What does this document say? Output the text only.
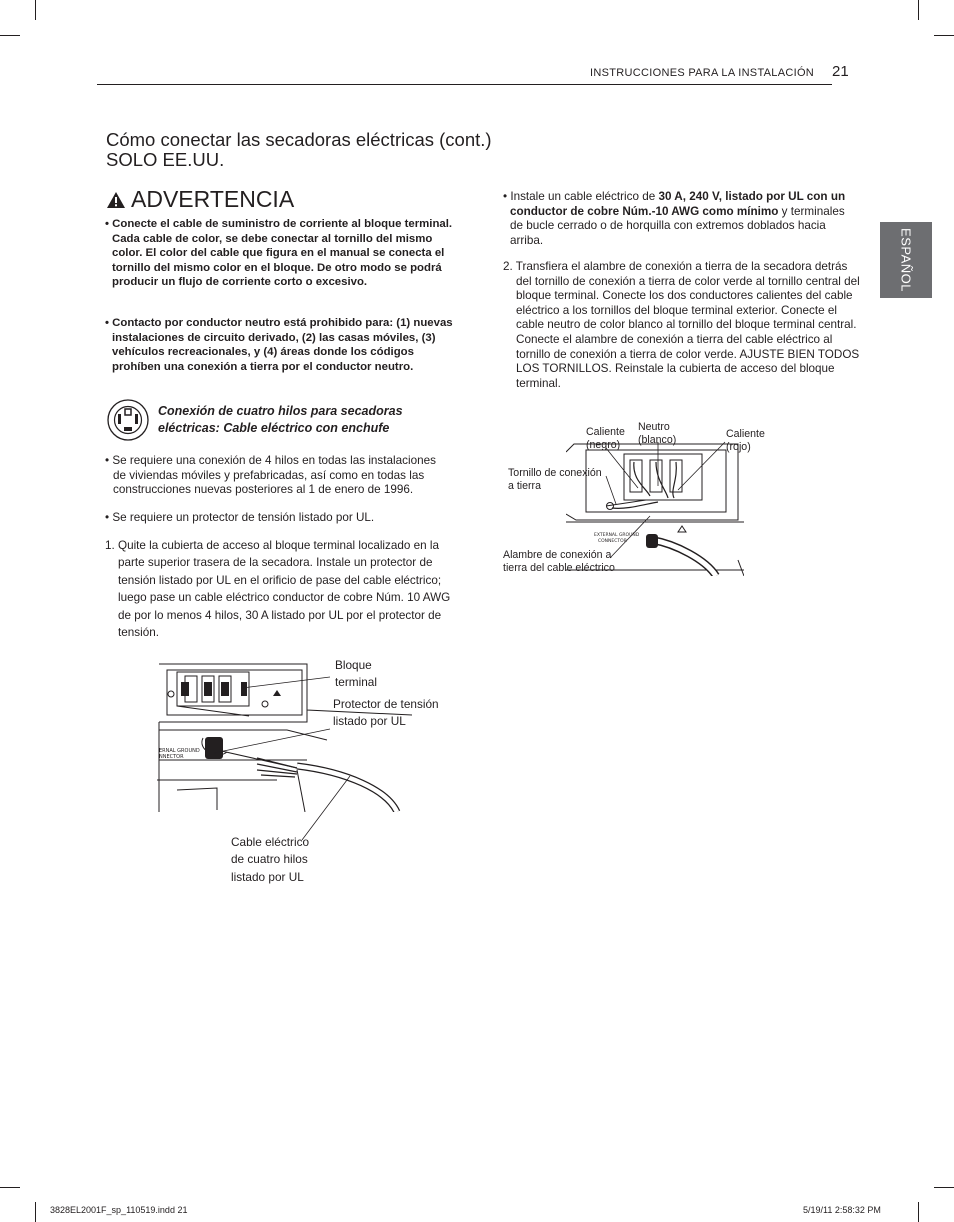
INSTRUCCIONES PARA LA INSTALACIÓN 21
ESPAÑOL
Cómo conectar las secadoras eléctricas (cont.)
SOLO EE.UU.
ADVERTENCIA

• Conecte el cable de suministro de corriente al bloque terminal. Cada cable de color, se debe conectar al tornillo del mismo color. El color del cable que figura en el manual se conecta el tornillo del mismo color en el bloque. De otro modo se podrá producir un flujo de corriente corto o excesivo.

• Contacto por conductor neutro está prohibido para: (1) nuevas instalaciones de circuito derivado, (2) las casas móviles, (3) vehículos recreacionales, y (4) áreas donde los códigos prohíben una conexión a tierra por el conductor neutro.

Conexión de cuatro hilos para secadoras
eléctricas: Cable eléctrico con enchufe

• Se requiere una conexión de 4 hilos en todas las instalaciones de viviendas móviles y prefabricadas, así como en todas las construcciones nuevas posteriores al 1 de enero de 1996.

• Se requiere un protector de tensión listado por UL.

1. Quite la cubierta de acceso al bloque terminal localizado en la parte superior trasera de la secadora. Instale un protector de tensión listado por UL en el orificio de pase del cable eléctrico; luego pase un cable eléctrico conductor de cobre Núm. 10 AWG de por lo menos 4 hilos, 30 A listado por UL por el protector de tensión.

ERNAL GROUND
NNECTOR
Bloque
terminal
Protector de tensión
listado por UL
Cable eléctrico
de cuatro hilos
listado por UL
• Instale un cable eléctrico de 30 A, 240 V, listado por UL con un
conductor de cobre Núm.-10 AWG como mínimo y terminales
de bucle cerrado o de horquilla con extremos doblados hacia
arriba.

2. Transfiera el alambre de conexión a tierra de la secadora detrás del tornillo de conexión a tierra de color verde al tornillo central del bloque terminal. Conecte los dos conductores calientes del cable eléctrico a los tornillos del bloque terminal exterior. Conecte el cable neutro de color blanco al tornillo del bloque terminal central. Conecte el alambre de conexión a tierra del cable eléctrico al tornillo de conexión a tierra de color verde. AJUSTE BIEN TODOS LOS TORNILLOS. Reinstale la cubierta de acceso del bloque terminal.

EXTERNAL GROUND
CONNECTOR
Caliente
(negro)
Neutro
(blanco)	Caliente
(rojo)
Tornillo de conexión
a tierra
Alambre de conexión a
tierra del cable eléctrico
3828EL2001F_sp_110519.indd 21	5/19/11 2:58:32 PM
